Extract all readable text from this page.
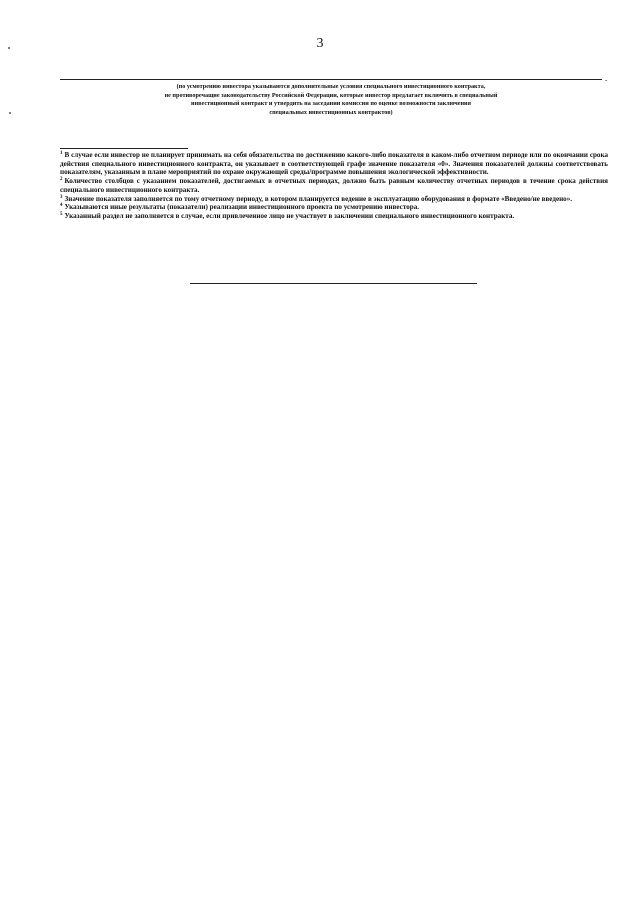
3
.
(по усмотрению инвестора указываются дополнительные условия специального инвестиционного контракта,
не противоречащие законодательству Российской Федерации, которые инвестор предлагает включить в специальный
инвестиционный контракт и утвердить на заседании комиссии по оценке возможности заключения
специальных инвестиционных контрактов)

$^1$ В случае если инвестор не планирует принимать на себя обязательства по достижению какого-либо показателя в каком-либо отчетном периоде или по окончании срока действия специального инвестиционного контракта, он указывает в соответствующей графе значение показателя «0». Значения показателей должны соответствовать показателям, указанным в плане мероприятий по охране окружающей среды/программе повышения экологической эффективности.

$^2$ Количество столбцов с указанием показателей, достигаемых в отчетных периодах, должно быть равным количеству отчетных периодов в течение срока действия специального инвестиционного контракта.

$^3$ Значение показателя заполняется по тому отчетному периоду, в котором планируется ведение в эксплуатацию оборудования в формате «Введено/не введено».

$^4$ Указываются иные результаты (показатели) реализации инвестиционного проекта по усмотрению инвестора.

$^5$ Указанный раздел не заполняется в случае, если привлеченное лицо не участвует в заключении специального инвестиционного контракта.
